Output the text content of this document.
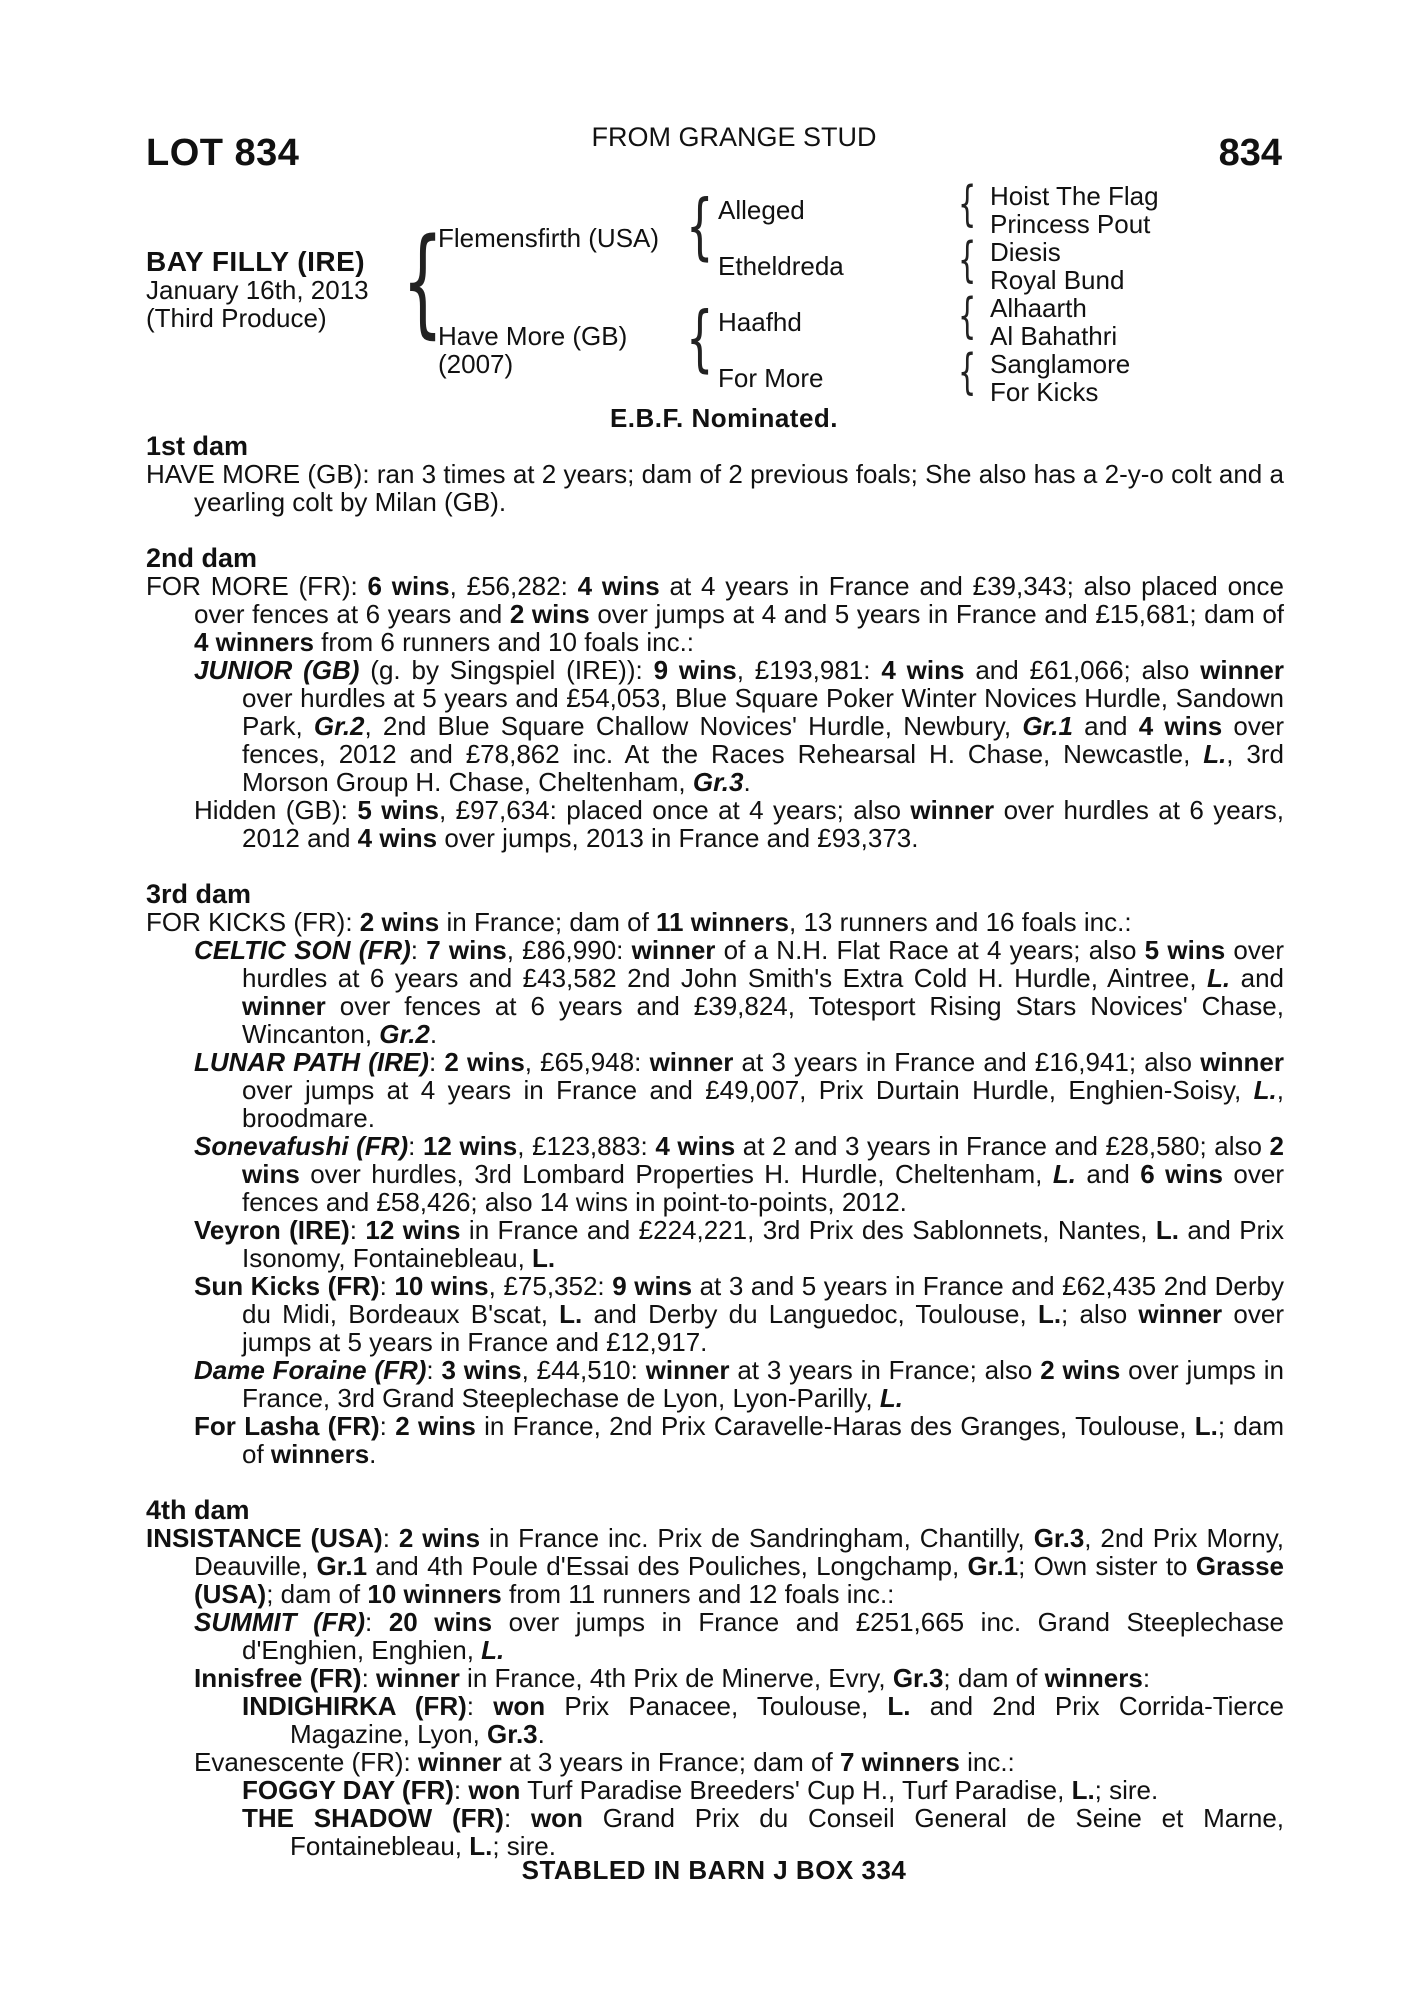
LOT 834	FROM GRANGE STUD	834
BAY FILLY (IRE)
January 16th, 2013
(Third Produce) {	{
{
{
{
{
{
Flemensfirth (USA)
Have More (GB)
(2007)
Alleged
Etheldreda
Haafhd
For More
Hoist The Flag
Princess Pout
Diesis
Royal Bund
Alhaarth
Al Bahathri
Sanglamore
For Kicks
E.B.F. Nominated.
1st dam
HAVE MORE (GB): ran 3 times at 2 years; dam of 2 previous foals; She also has a 2-y-o colt and a yearling colt by Milan (GB).
2nd dam
FOR MORE (FR): 6 wins, £56,282: 4 wins at 4 years in France and £39,343; also placed once over fences at 6 years and 2 wins over jumps at 4 and 5 years in France and £15,681; dam of 4 winners from 6 runners and 10 foals inc.:
JUNIOR (GB) (g. by Singspiel (IRE)): 9 wins, £193,981: 4 wins and £61,066; also winner over hurdles at 5 years and £54,053, Blue Square Poker Winter Novices Hurdle, Sandown Park, Gr.2, 2nd Blue Square Challow Novices' Hurdle, Newbury, Gr.1 and 4 wins over fences, 2012 and £78,862 inc. At the Races Rehearsal H. Chase, Newcastle, L., 3rd Morson Group H. Chase, Cheltenham, Gr.3.
Hidden (GB): 5 wins, £97,634: placed once at 4 years; also winner over hurdles at 6 years, 2012 and 4 wins over jumps, 2013 in France and £93,373.
3rd dam
FOR KICKS (FR): 2 wins in France; dam of 11 winners, 13 runners and 16 foals inc.:
CELTIC SON (FR): 7 wins, £86,990: winner of a N.H. Flat Race at 4 years; also 5 wins over hurdles at 6 years and £43,582 2nd John Smith's Extra Cold H. Hurdle, Aintree, L. and winner over fences at 6 years and £39,824, Totesport Rising Stars Novices' Chase, Wincanton, Gr.2.
LUNAR PATH (IRE): 2 wins, £65,948: winner at 3 years in France and £16,941; also winner over jumps at 4 years in France and £49,007, Prix Durtain Hurdle, Enghien-Soisy, L., broodmare.
Sonevafushi (FR): 12 wins, £123,883: 4 wins at 2 and 3 years in France and £28,580; also 2 wins over hurdles, 3rd Lombard Properties H. Hurdle, Cheltenham, L. and 6 wins over fences and £58,426; also 14 wins in point-to-points, 2012.
Veyron (IRE): 12 wins in France and £224,221, 3rd Prix des Sablonnets, Nantes, L. and Prix Isonomy, Fontainebleau, L.
Sun Kicks (FR): 10 wins, £75,352: 9 wins at 3 and 5 years in France and £62,435 2nd Derby du Midi, Bordeaux B'scat, L. and Derby du Languedoc, Toulouse, L.; also winner over jumps at 5 years in France and £12,917.
Dame Foraine (FR): 3 wins, £44,510: winner at 3 years in France; also 2 wins over jumps in France, 3rd Grand Steeplechase de Lyon, Lyon-Parilly, L.
For Lasha (FR): 2 wins in France, 2nd Prix Caravelle-Haras des Granges, Toulouse, L.; dam of winners.
4th dam
INSISTANCE (USA): 2 wins in France inc. Prix de Sandringham, Chantilly, Gr.3, 2nd Prix Morny, Deauville, Gr.1 and 4th Poule d'Essai des Pouliches, Longchamp, Gr.1; Own sister to Grasse (USA); dam of 10 winners from 11 runners and 12 foals inc.:
SUMMIT (FR): 20 wins over jumps in France and £251,665 inc. Grand Steeplechase d'Enghien, Enghien, L.
Innisfree (FR): winner in France, 4th Prix de Minerve, Evry, Gr.3; dam of winners:
INDIGHIRKA (FR): won Prix Panacee, Toulouse, L. and 2nd Prix Corrida-Tierce Magazine, Lyon, Gr.3.
Evanescente (FR): winner at 3 years in France; dam of 7 winners inc.:
FOGGY DAY (FR): won Turf Paradise Breeders' Cup H., Turf Paradise, L.; sire.
THE SHADOW (FR): won Grand Prix du Conseil General de Seine et Marne, Fontainebleau, L.; sire.
STABLED IN BARN J BOX 334
